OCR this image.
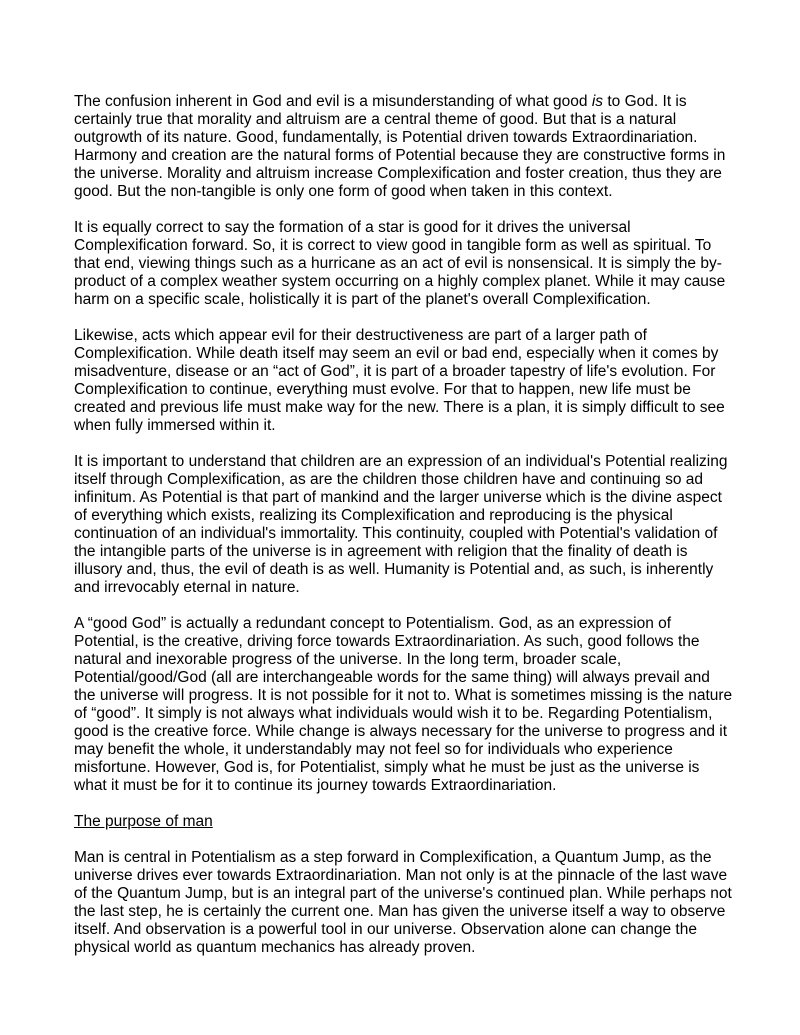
The confusion inherent in God and evil is a misunderstanding of what good is to God. It is certainly true that morality and altruism are a central theme of good. But that is a natural outgrowth of its nature. Good, fundamentally, is Potential driven towards Extraordinariation. Harmony and creation are the natural forms of Potential because they are constructive forms in the universe. Morality and altruism increase Complexification and foster creation, thus they are good. But the non-tangible is only one form of good when taken in this context.

It is equally correct to say the formation of a star is good for it drives the universal Complexification forward. So, it is correct to view good in tangible form as well as spiritual. To that end, viewing things such as a hurricane as an act of evil is nonsensical. It is simply the by-product of a complex weather system occurring on a highly complex planet. While it may cause harm on a specific scale, holistically it is part of the planet's overall Complexification.

Likewise, acts which appear evil for their destructiveness are part of a larger path of Complexification. While death itself may seem an evil or bad end, especially when it comes by misadventure, disease or an “act of God”, it is part of a broader tapestry of life's evolution. For Complexification to continue, everything must evolve. For that to happen, new life must be created and previous life must make way for the new. There is a plan, it is simply difficult to see when fully immersed within it.

It is important to understand that children are an expression of an individual's Potential realizing itself through Complexification, as are the children those children have and continuing so ad infinitum. As Potential is that part of mankind and the larger universe which is the divine aspect of everything which exists, realizing its Complexification and reproducing is the physical continuation of an individual's immortality. This continuity, coupled with Potential's validation of the intangible parts of the universe is in agreement with religion that the finality of death is illusory and, thus, the evil of death is as well. Humanity is Potential and, as such, is inherently and irrevocably eternal in nature.

A “good God” is actually a redundant concept to Potentialism. God, as an expression of Potential, is the creative, driving force towards Extraordinariation. As such, good follows the natural and inexorable progress of the universe. In the long term, broader scale, Potential/good/God (all are interchangeable words for the same thing) will always prevail and the universe will progress. It is not possible for it not to. What is sometimes missing is the nature of “good”. It simply is not always what individuals would wish it to be. Regarding Potentialism, good is the creative force. While change is always necessary for the universe to progress and it may benefit the whole, it understandably may not feel so for individuals who experience misfortune. However, God is, for Potentialist, simply what he must be just as the universe is what it must be for it to continue its journey towards Extraordinariation.

The purpose of man

Man is central in Potentialism as a step forward in Complexification, a Quantum Jump, as the universe drives ever towards Extraordinariation. Man not only is at the pinnacle of the last wave of the Quantum Jump, but is an integral part of the universe's continued plan. While perhaps not the last step, he is certainly the current one. Man has given the universe itself a way to observe itself. And observation is a powerful tool in our universe. Observation alone can change the physical world as quantum mechanics has already proven.
